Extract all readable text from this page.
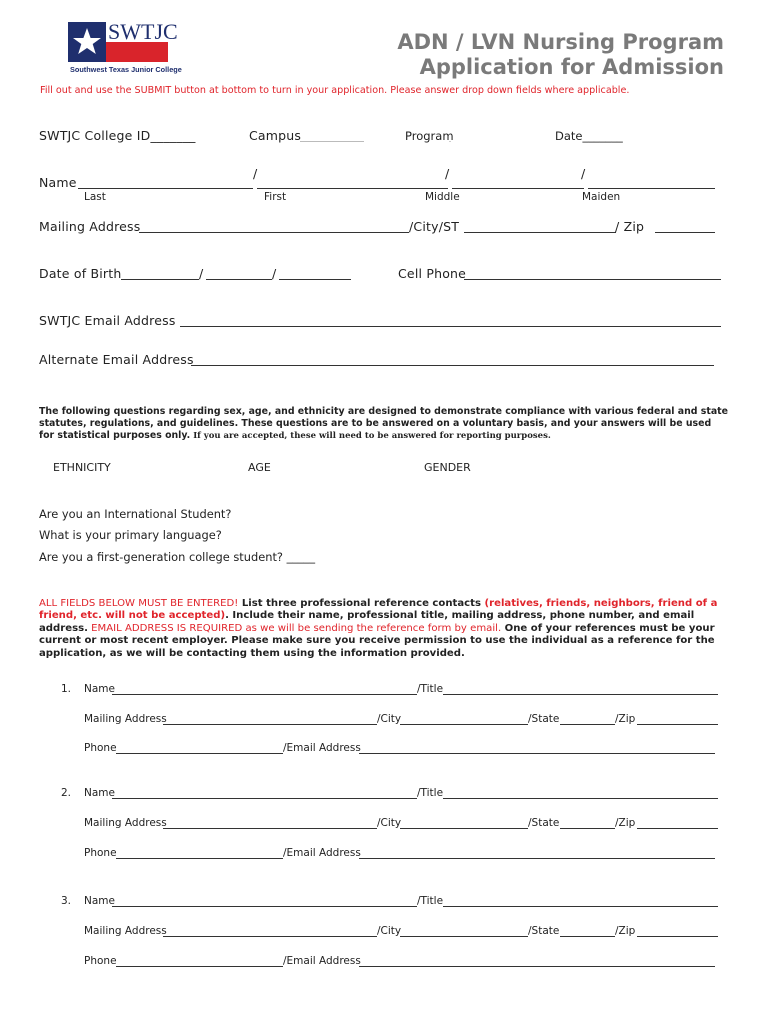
SWTJC
Southwest Texas Junior College
ADN / LVN Nursing Program
Application for Admission
Fill out and use the SUBMIT button at bottom to turn in your application. Please answer drop down fields where applicable.
SWTJC College ID_______	Campus	Program	Date_______
Name
/	/	/
Last	First	Middle	Maiden
Mailing Address	/City/ST	/ Zip
Date of Birth	/	/	Cell Phone
SWTJC Email Address
Alternate Email Address
The following questions regarding sex, age, and ethnicity are designed to demonstrate compliance with various federal and state statutes, regulations, and guidelines. These questions are to be answered on a voluntary basis, and your answers will be used for statistical purposes only. If you are accepted, these will need to be answered for reporting purposes.
ETHNICITY	AGE	GENDER
Are you an International Student?
What is your primary language?
Are you a first-generation college student? _____
ALL FIELDS BELOW MUST BE ENTERED! List three professional reference contacts (relatives, friends, neighbors, friend of a friend, etc. will not be accepted). Include their name, professional title, mailing address, phone number, and email address. EMAIL ADDRESS IS REQUIRED as we will be sending the reference form by email. One of your references must be your current or most recent employer. Please make sure you receive permission to use the individual as a reference for the application, as we will be contacting them using the information provided.
1. Name	/Title
Mailing Address	/City	/State	/Zip
Phone	/Email Address
2. Name	/Title
Mailing Address	/City	/State	/Zip
Phone	/Email Address
3. Name	/Title
Mailing Address	/City	/State	/Zip
Phone	/Email Address
